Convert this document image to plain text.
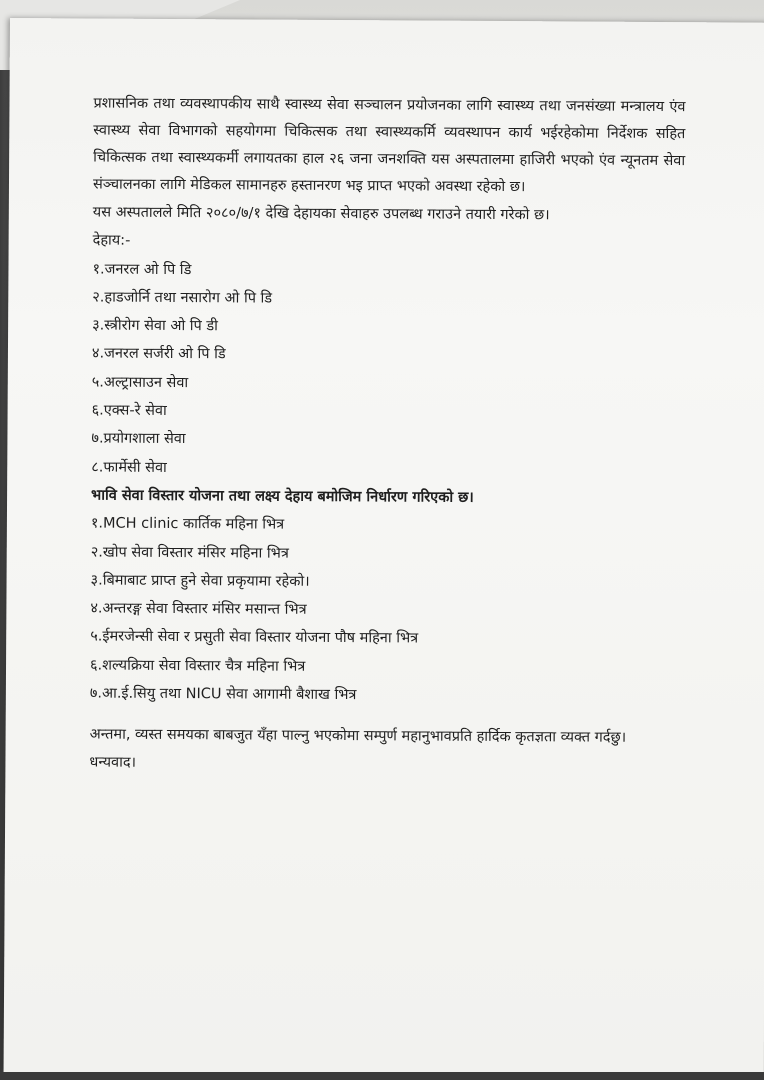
प्रशासनिक तथा व्यवस्थापकीय साथै स्वास्थ्य सेवा सञ्चालन प्रयोजनका लागि स्वास्थ्य तथा जनसंख्या मन्त्रालय एंव स्वास्थ्य सेवा विभागको सहयोगमा चिकित्सक तथा स्वास्थ्यकर्मि व्यवस्थापन कार्य भईरहेकोमा निर्देशक सहित चिकित्सक तथा स्वास्थ्यकर्मी लगायतका हाल २६ जना जनशक्ति यस अस्पतालमा हाजिरी भएको एंव न्यूनतम सेवा संञ्चालनका लागि मेडिकल सामानहरु हस्तानरण भइ प्राप्त भएको अवस्था रहेको छ।

यस अस्पतालले मिति २०८०/७/१ देखि देहायका सेवाहरु उपलब्ध गराउने तयारी गरेको छ।

देहाय:-

१.जनरल ओ पि डि

२.हाडजोर्नि तथा नसारोग ओ पि डि

३.स्त्रीरोग सेवा ओ पि डी

४.जनरल सर्जरी ओ पि डि

५.अल्ट्रासाउन सेवा

६.एक्स-रे सेवा

७.प्रयोगशाला सेवा

८.फार्मेसी सेवा

भावि सेवा विस्तार योजना तथा लक्ष्य देहाय बमोजिम निर्धारण गरिएको छ।

१.MCH clinic कार्तिक महिना भित्र

२.खोप सेवा विस्तार मंसिर महिना भित्र

३.बिमाबाट प्राप्त हुने सेवा प्रकृयामा रहेको।

४.अन्तरङ्ग सेवा विस्तार मंसिर मसान्त भित्र

५.ईमरजेन्सी सेवा र प्रसुती सेवा विस्तार योजना पौष महिना भित्र

६.शल्यक्रिया सेवा विस्तार चैत्र महिना भित्र

७.आ.ई.सियु तथा NICU सेवा आगामी बैशाख भित्र

अन्तमा, व्यस्त समयका बाबजुत यँहा पाल्नु भएकोमा सम्पुर्ण महानुभावप्रति हार्दिक कृतज्ञता व्यक्त गर्दछु।

धन्यवाद।
